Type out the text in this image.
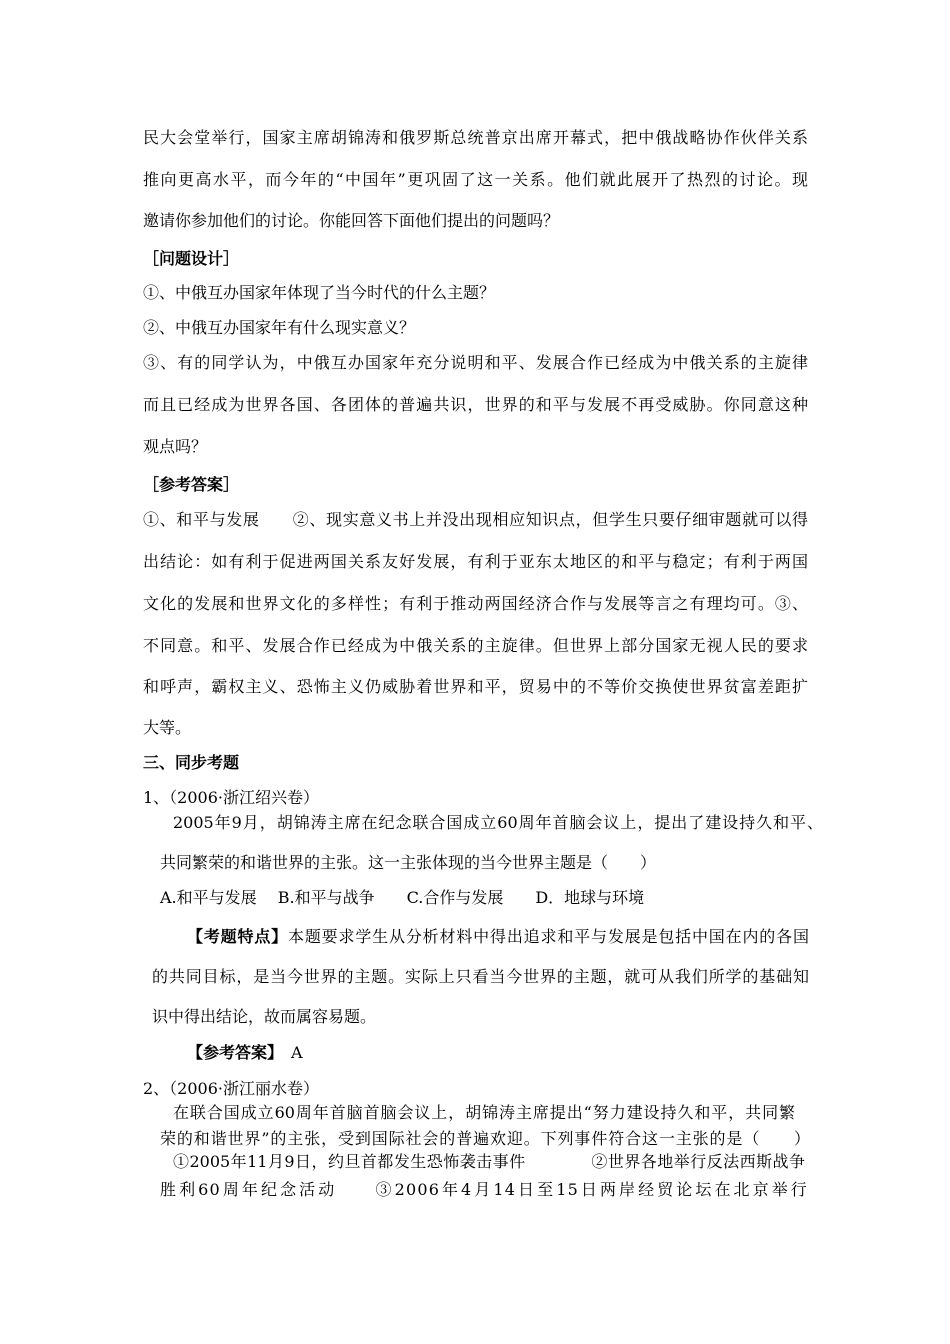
民大会堂举行，国家主席胡锦涛和俄罗斯总统普京出席开幕式，把中俄战略协作伙伴关系
推向更高水平，而今年的“中国年”更巩固了这一关系。他们就此展开了热烈的讨论。现
邀请你参加他们的讨论。你能回答下面他们提出的问题吗？
［问题设计］
①、中俄互办国家年体现了当今时代的什么主题？
②、中俄互办国家年有什么现实意义？
③、有的同学认为，中俄互办国家年充分说明和平、发展合作已经成为中俄关系的主旋律
而且已经成为世界各国、各团体的普遍共识，世界的和平与发展不再受威胁。你同意这种
观点吗？
［参考答案］
①、和平与发展　　②、现实意义书上并没出现相应知识点，但学生只要仔细审题就可以得
出结论：如有利于促进两国关系友好发展，有利于亚东太地区的和平与稳定；有利于两国
文化的发展和世界文化的多样性；有利于推动两国经济合作与发展等言之有理均可。③、
不同意。和平、发展合作已经成为中俄关系的主旋律。但世界上部分国家无视人民的要求
和呼声，霸权主义、恐怖主义仍威胁着世界和平，贸易中的不等价交换使世界贫富差距扩
大等。
三、同步考题
1、（2006·浙江绍兴卷）
2005年9月，胡锦涛主席在纪念联合国成立60周年首脑会议上，提出了建设持久和平、
共同繁荣的和谐世界的主张。这一主张体现的当今世界主题是（　　）
A.和平与发展　 B.和平与战争　　C.合作与发展　　D．地球与环境
【考题特点】本题要求学生从分析材料中得出追求和平与发展是包括中国在内的各国
的共同目标，是当今世界的主题。实际上只看当今世界的主题，就可从我们所学的基础知
识中得出结论，故而属容易题。
【参考答案】　A
2、（2006·浙江丽水卷）
在联合国成立60周年首脑首脑会议上，胡锦涛主席提出“努力建设持久和平，共同繁
荣的和谐世界”的主张，受到国际社会的普遍欢迎。下列事件符合这一主张的是（　　）
①2005年11月9日，约旦首都发生恐怖袭击事件　　　　②世界各地举行反法西斯战争
胜利60周年纪念活动　　③2006年4月14日至15日两岸经贸论坛在北京举行
